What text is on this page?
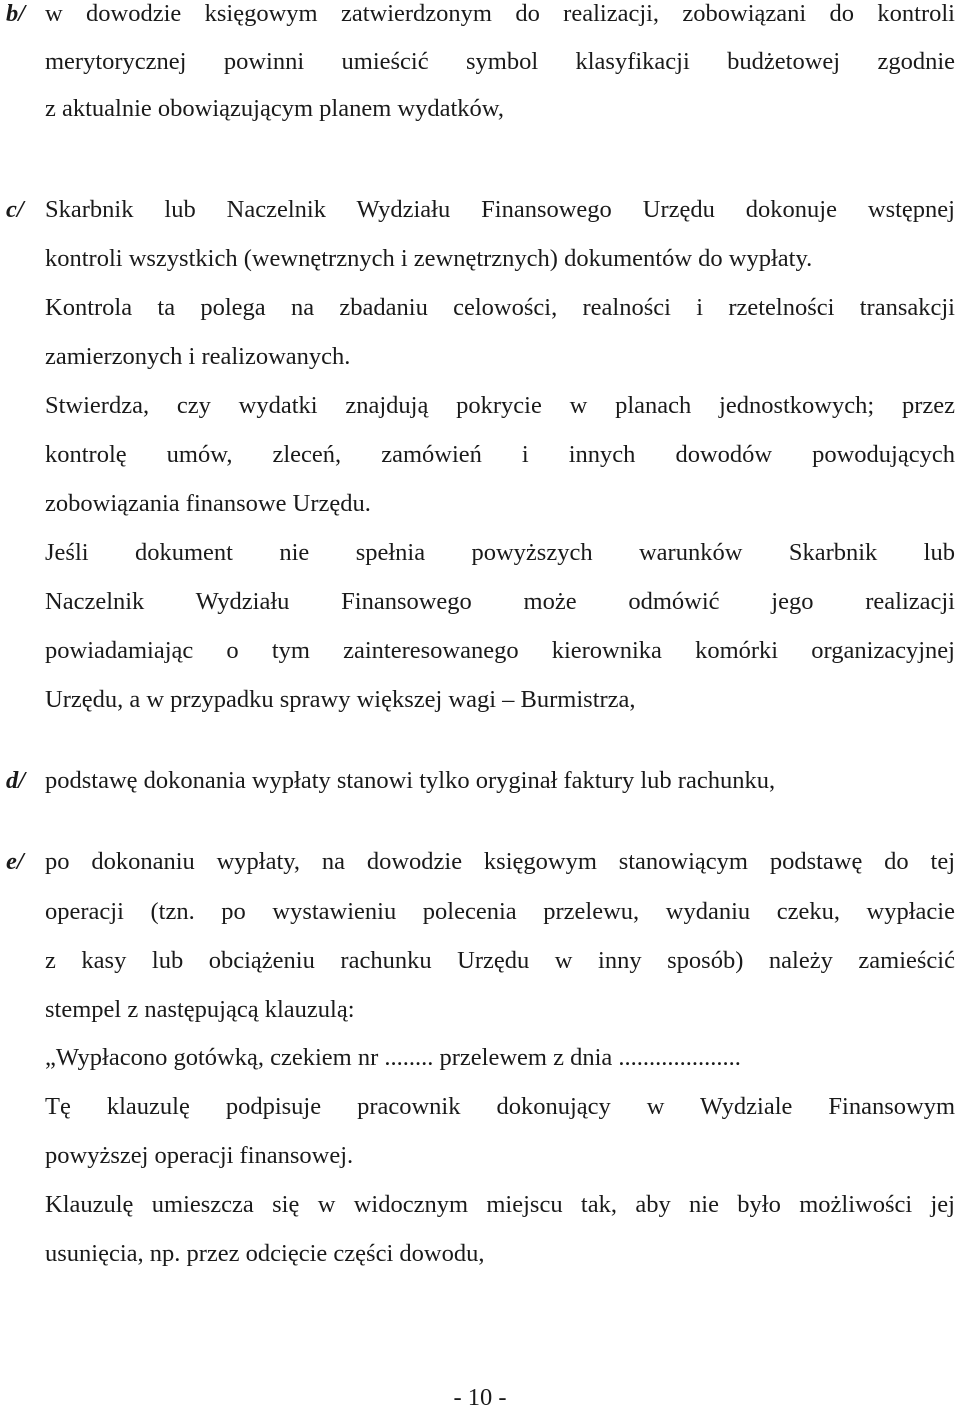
b/ w dowodzie księgowym zatwierdzonym do realizacji, zobowiązani do kontroli
merytorycznej powinni umieścić symbol klasyfikacji budżetowej zgodnie
z aktualnie obowiązującym planem wydatków,
c/ Skarbnik lub Naczelnik Wydziału Finansowego Urzędu dokonuje wstępnej
kontroli wszystkich (wewnętrznych i zewnętrznych) dokumentów do wypłaty.
Kontrola ta polega na zbadaniu celowości, realności i rzetelności transakcji
zamierzonych i realizowanych.
Stwierdza, czy wydatki znajdują pokrycie w planach jednostkowych; przez
kontrolę umów, zleceń, zamówień i innych dowodów powodujących
zobowiązania finansowe Urzędu.
Jeśli dokument nie spełnia powyższych warunków Skarbnik lub
Naczelnik Wydziału Finansowego może odmówić jego realizacji
powiadamiając o tym zainteresowanego kierownika komórki organizacyjnej
Urzędu, a w przypadku sprawy większej wagi – Burmistrza,
d/ podstawę dokonania wypłaty stanowi tylko oryginał faktury lub rachunku,
e/ po dokonaniu wypłaty, na dowodzie księgowym stanowiącym podstawę do tej
operacji (tzn. po wystawieniu polecenia przelewu, wydaniu czeku, wypłacie
z kasy lub obciążeniu rachunku Urzędu w inny sposób) należy zamieścić
stempel z następującą klauzulą:
„Wypłacono gotówką, czekiem nr ........ przelewem z dnia ....................
Tę klauzulę podpisuje pracownik dokonujący w Wydziale Finansowym
powyższej operacji finansowej.
Klauzulę umieszcza się w widocznym miejscu tak, aby nie było możliwości jej
usunięcia, np. przez odcięcie części dowodu,
- 10 -
